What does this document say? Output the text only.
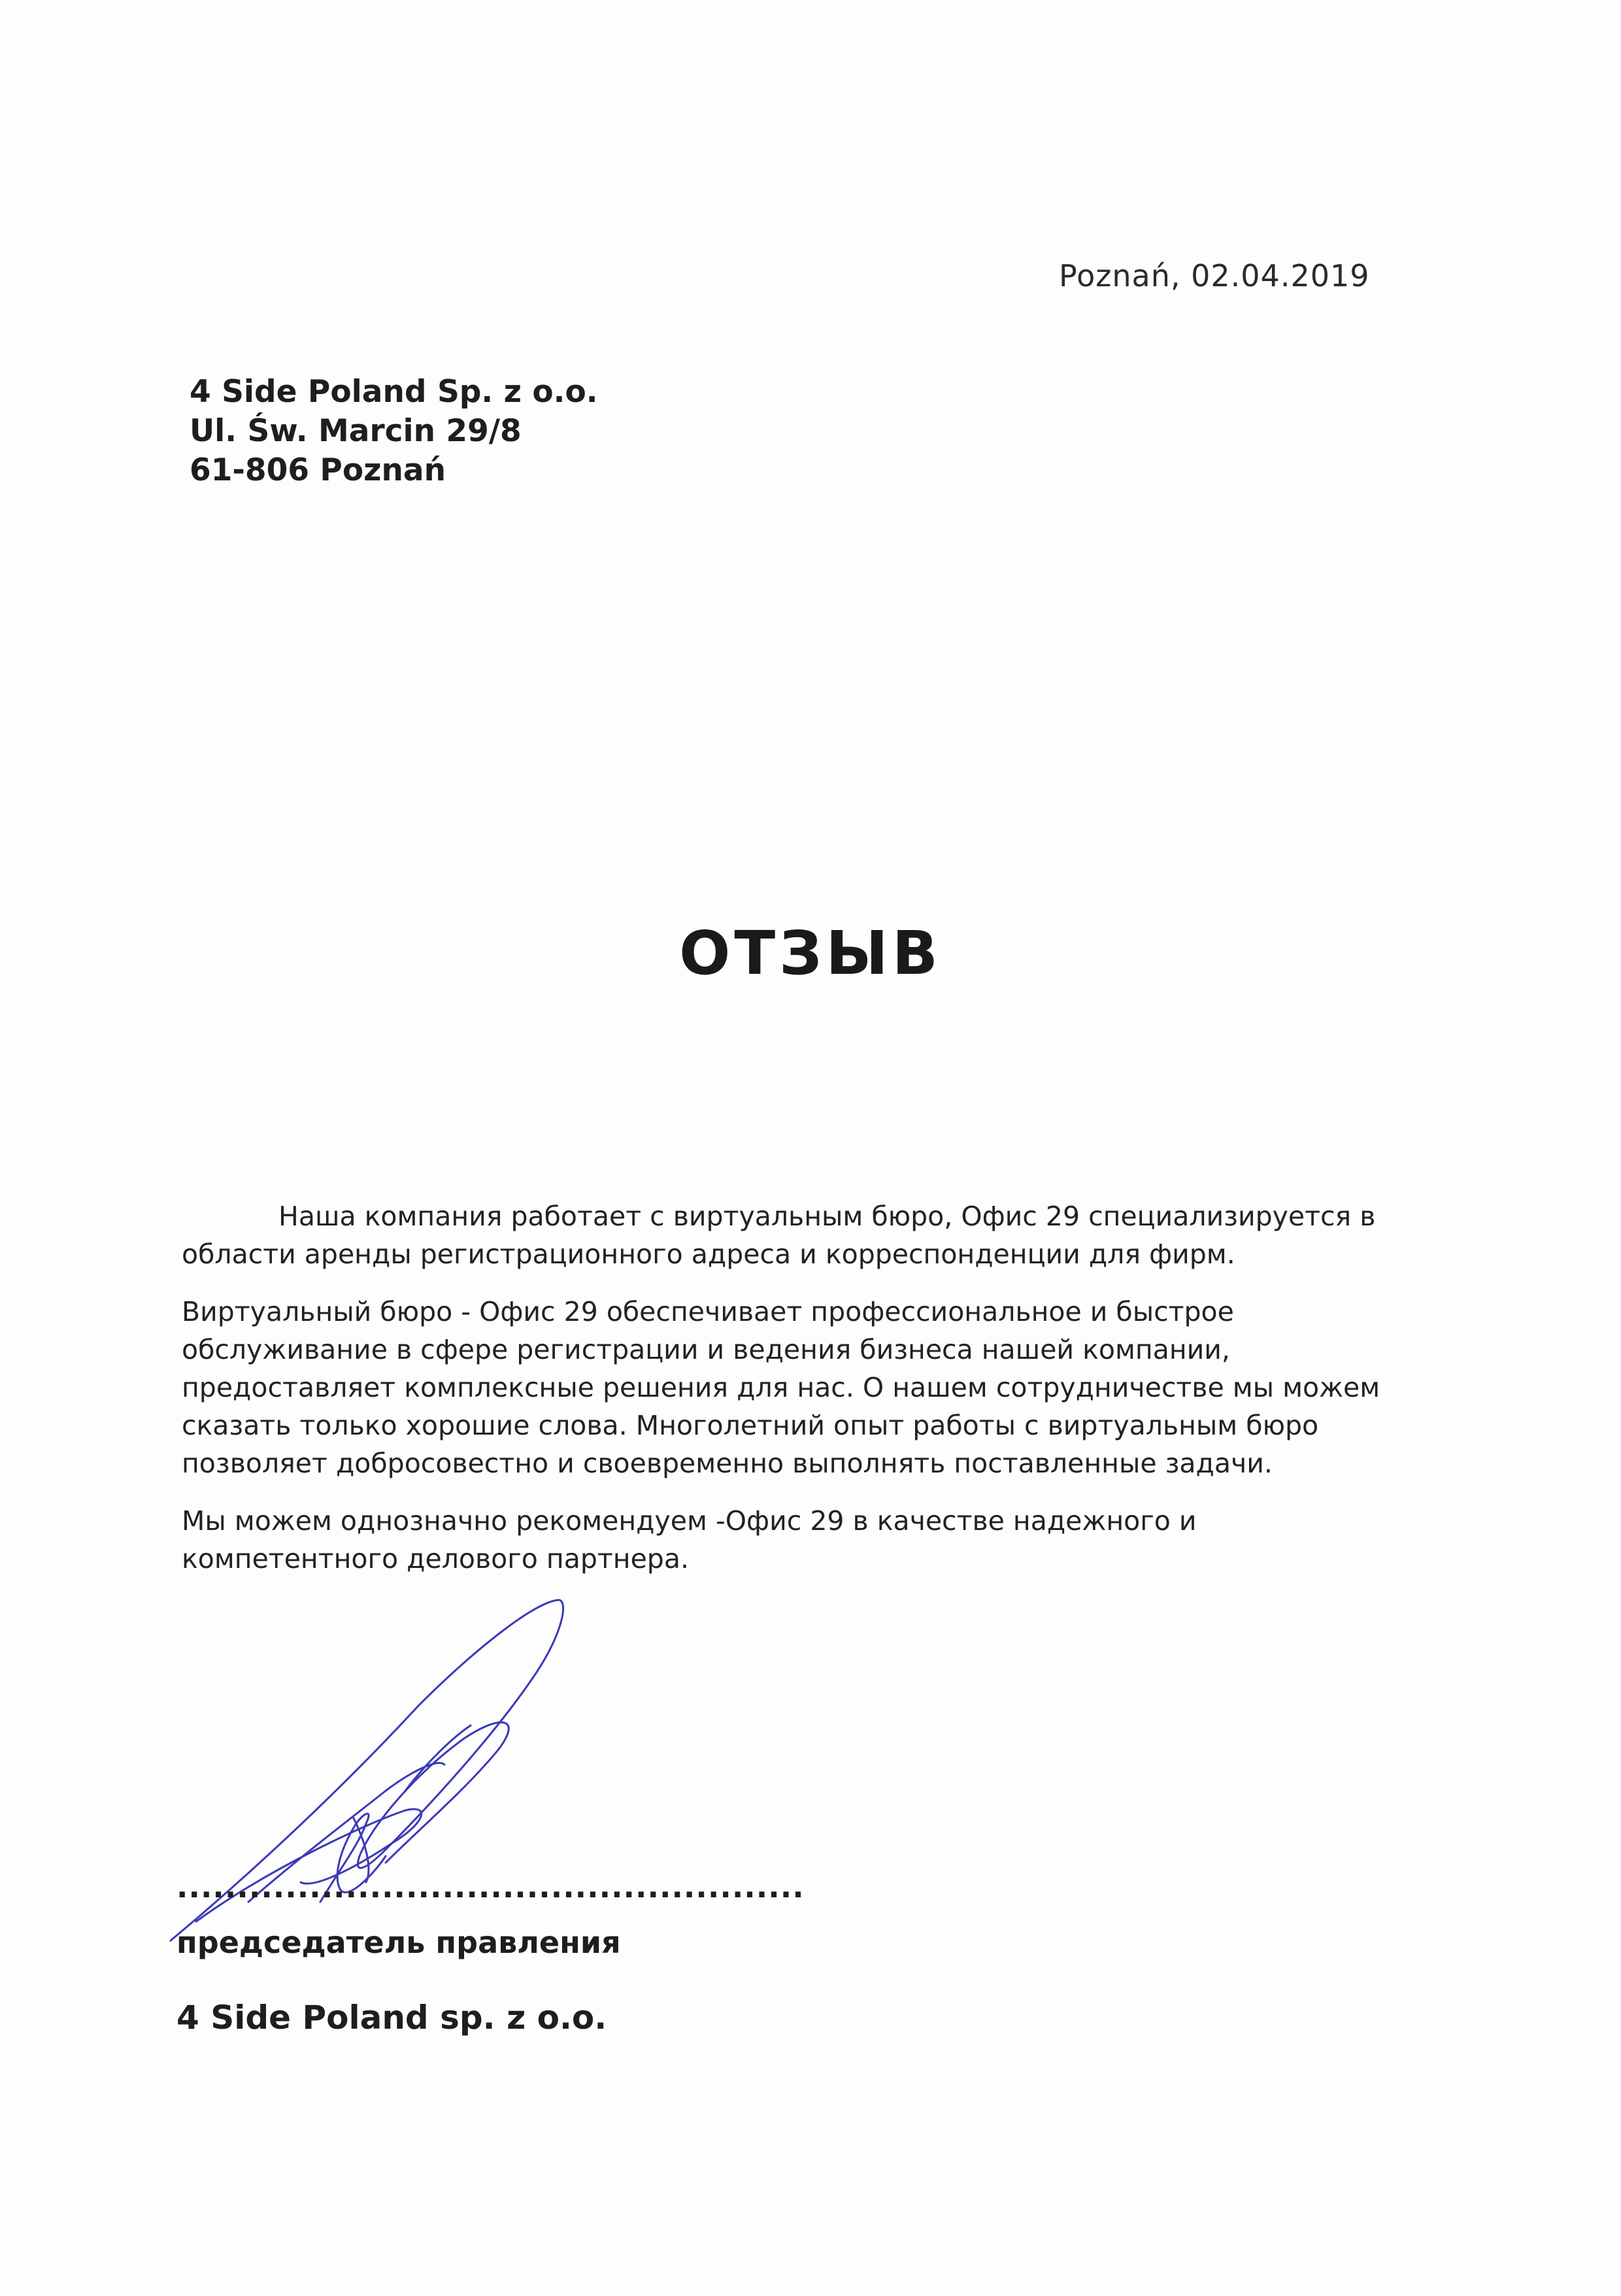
Poznań, 02.04.2019
4 Side Poland Sp. z o.o.
Ul. Św. Marcin 29/8
61-806 Poznań
ОТЗЫВ

Наша компания работает с виртуальным бюро, Офис 29 специализируется в области аренды регистрационного адреса и корреспонденции для фирм.

Виртуальный бюро - Офис 29 обеспечивает профессиональное и быстрое обслуживание в сфере регистрации и ведения бизнеса нашей компании, предоставляет комплексные решения для нас. О нашем сотрудничестве мы можем сказать только хорошие слова. Многолетний опыт работы с виртуальным бюро позволяет добросовестно и своевременно выполнять поставленные задачи.

Мы можем однозначно рекомендуем -Офис 29 в качестве надежного и компетентного делового партнера.

....................................................
председатель правления
4 Side Poland sp. z o.o.
